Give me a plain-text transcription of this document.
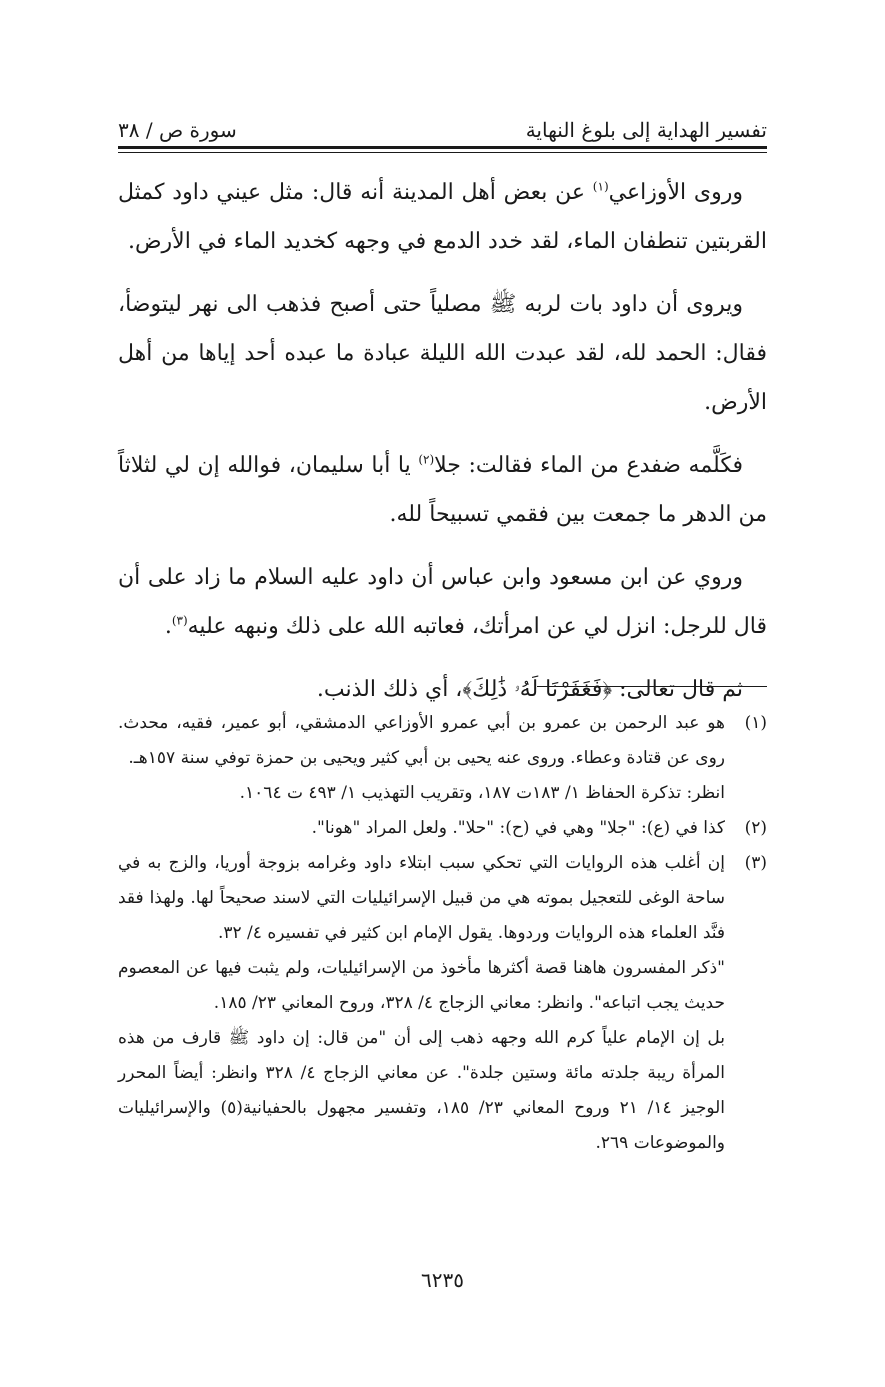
تفسير الهداية إلى بلوغ النهاية
سورة ص / ٣٨

وروى الأوزاعي$^{(١)}$ عن بعض أهل المدينة أنه قال: مثل عيني داود كمثل القربتين تنطفان الماء، لقد خدد الدمع في وجهه كخديد الماء في الأرض.

ويروى أن داود بات لربه ﷺ مصلياً حتى أصبح فذهب الى نهر ليتوضأ، فقال: الحمد لله، لقد عبدت الله الليلة عبادة ما عبده أحد إياها من أهل الأرض.

فكَلَّمه ضفدع من الماء فقالت: جلا$^{(٢)}$ يا أبا سليمان، فوالله إن لي لثلاثاً من الدهر ما جمعت بين فقمي تسبيحاً لله.

وروي عن ابن مسعود وابن عباس أن داود عليه السلام ما زاد على أن قال للرجل: انزل لي عن امرأتك، فعاتبه الله على ذلك ونبهه عليه$^{(٣)}$.

ثم قال تعالى: ﴿فَغَفَرْنَا لَهُۥ ذَٰلِكَ﴾، أي ذلك الذنب.

(١)
هو عبد الرحمن بن عمرو بن أبي عمرو الأوزاعي الدمشقي، أبو عمير، فقيه، محدث. روى عن قتادة وعطاء. وروى عنه يحيى بن أبي كثير ويحيى بن حمزة توفي سنة ١٥٧هـ.
انظر: تذكرة الحفاظ ١/ ١٨٣ت ١٨٧، وتقريب التهذيب ١/ ٤٩٣ ت ١٠٦٤.
(٢)
كذا في (ع): "جلا" وهي في (ح): "حلا". ولعل المراد "هونا".
(٣)
إن أغلب هذه الروايات التي تحكي سبب ابتلاء داود وغرامه بزوجة أوريا، والزج به في ساحة الوغى للتعجيل بموته هي من قبيل الإسرائيليات التي لاسند صحيحاً لها. ولهذا فقد فنَّد العلماء هذه الروايات وردوها. يقول الإمام ابن كثير في تفسيره ٤/ ٣٢.
"ذكر المفسرون هاهنا قصة أكثرها مأخوذ من الإسرائيليات، ولم يثبت فيها عن المعصوم حديث يجب اتباعه". وانظر: معاني الزجاج ٤/ ٣٢٨، وروح المعاني ٢٣/ ١٨٥.
بل إن الإمام علياً كرم الله وجهه ذهب إلى أن "من قال: إن داود ﷺ قارف من هذه المرأة ريبة جلدته مائة وستين جلدة". عن معاني الزجاج ٤/ ٣٢٨ وانظر: أيضاً المحرر الوجيز ١٤/ ٢١ وروح المعاني ٢٣/ ١٨٥، وتفسير مجهول بالحفيانية(٥) والإسرائيليات والموضوعات ٢٦٩.
٦٢٣٥
